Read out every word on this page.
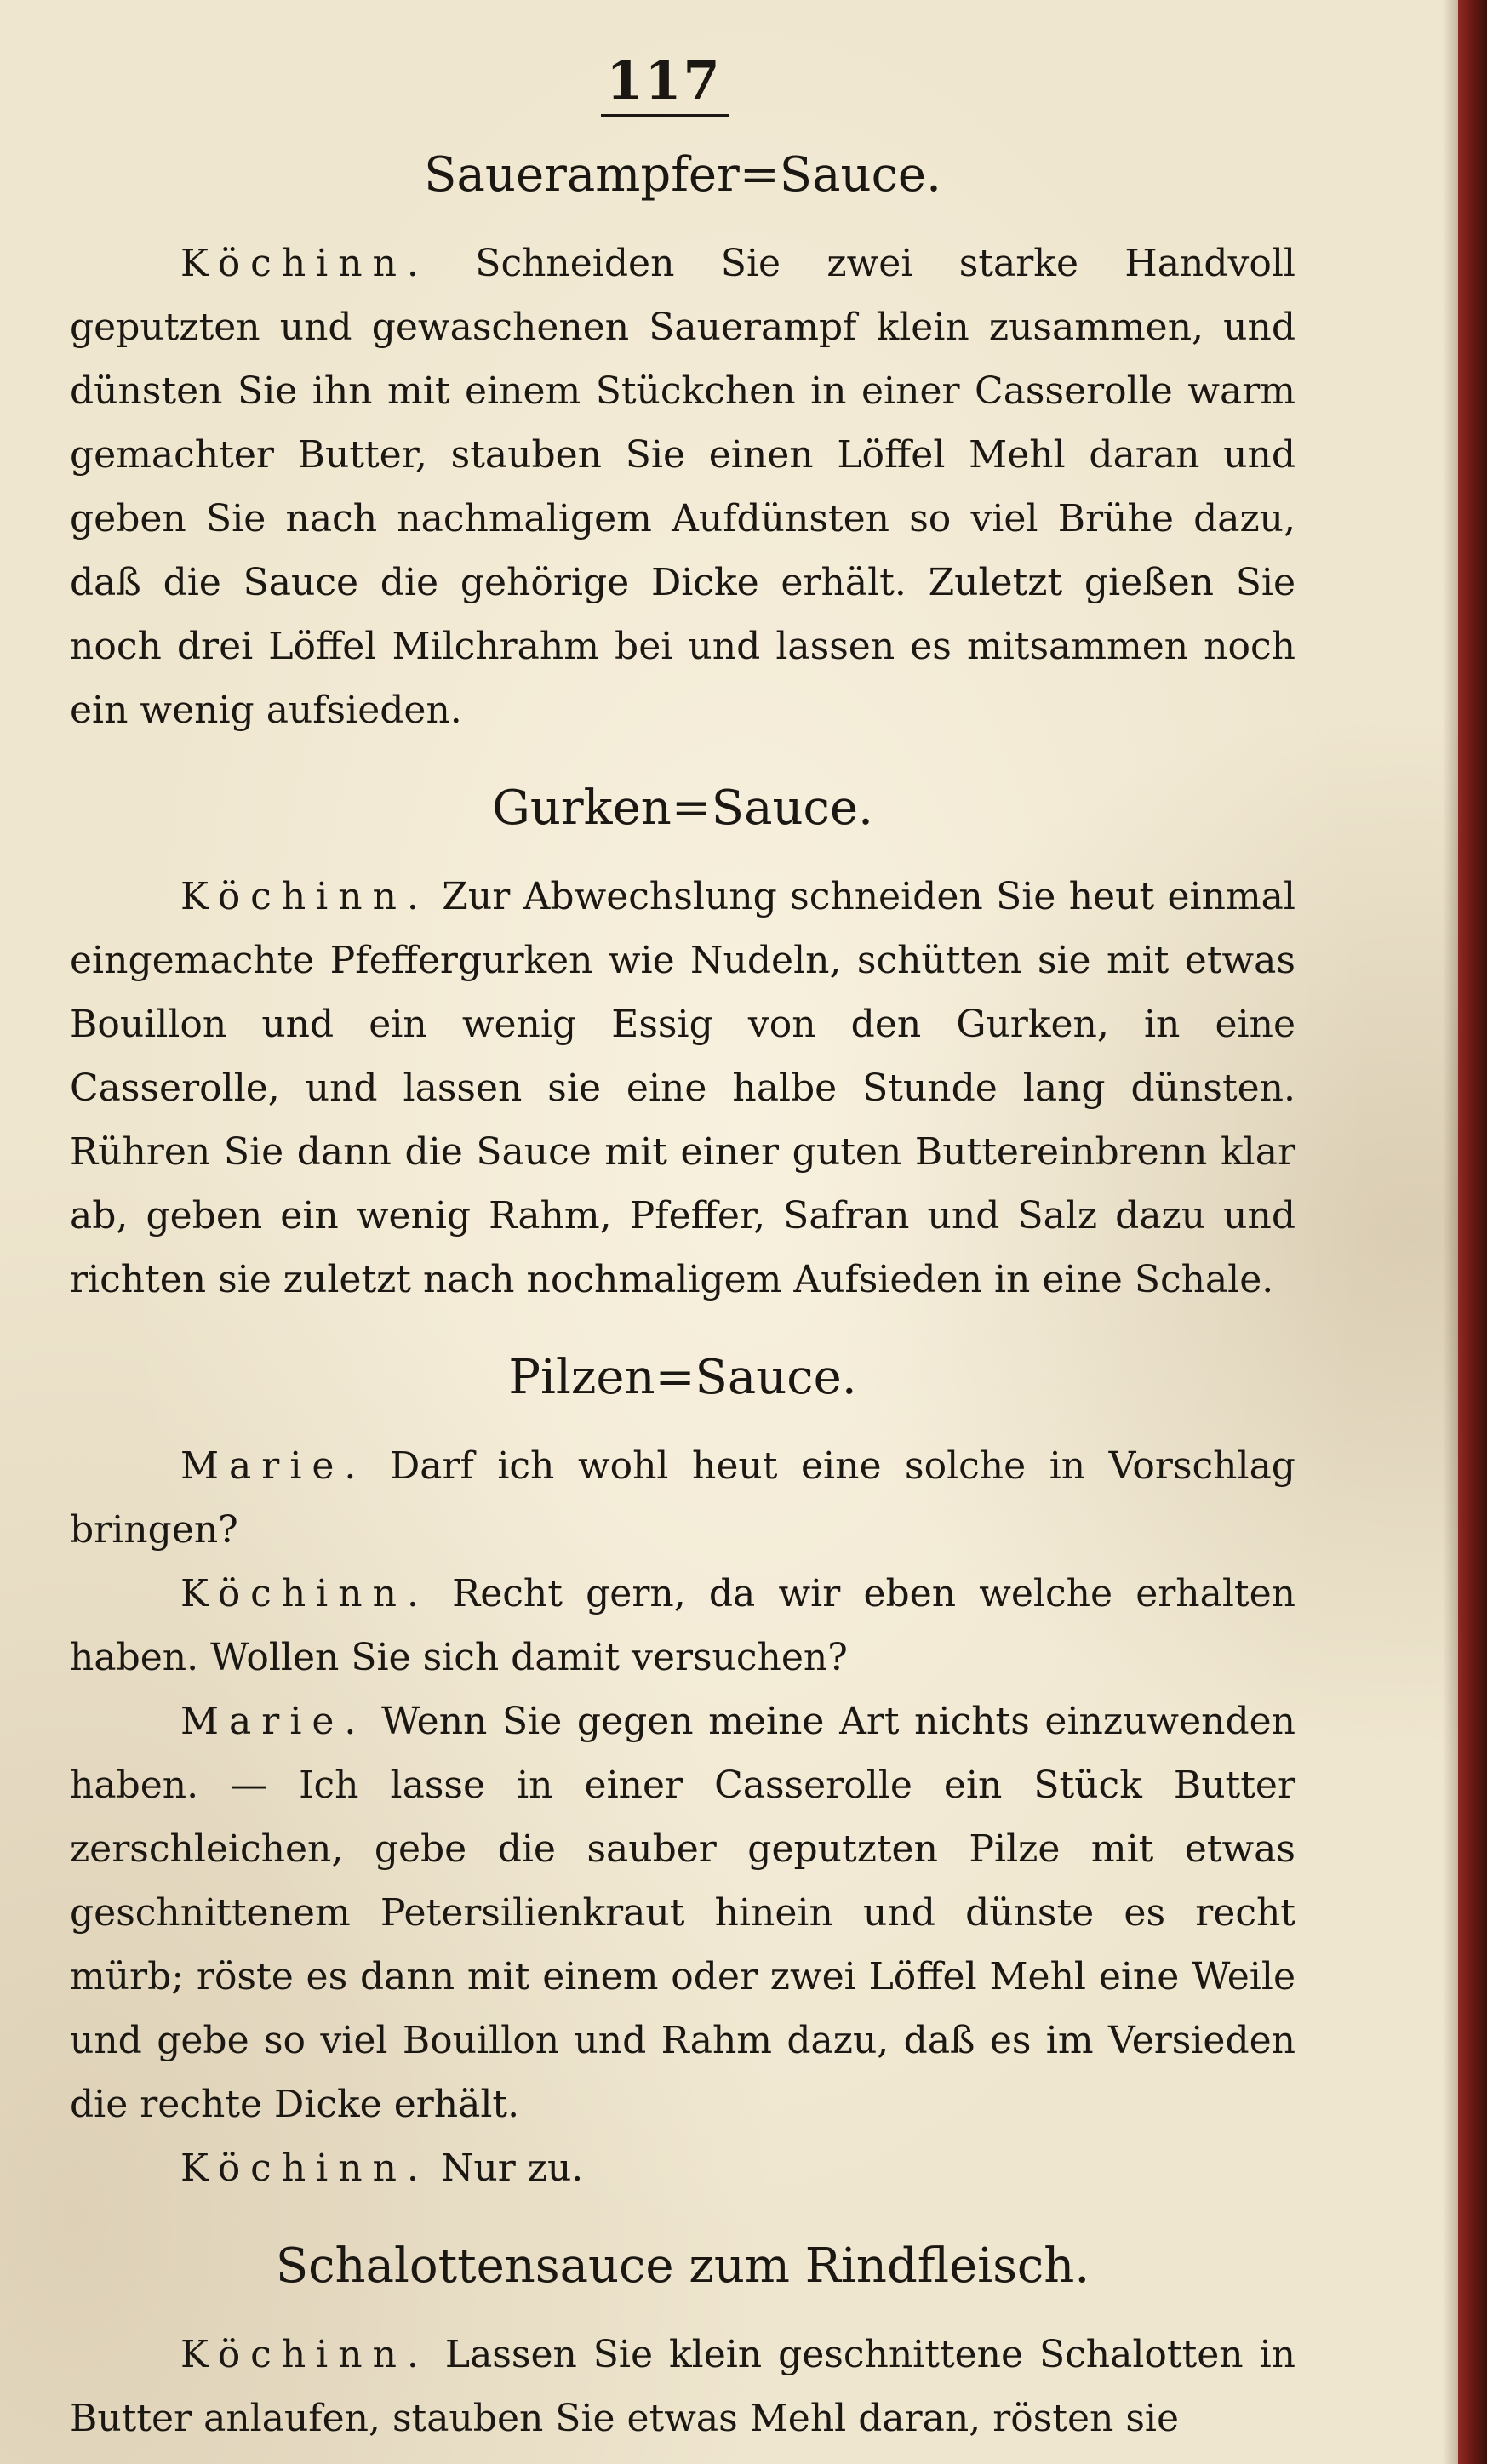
117
Sauerampfer=Sauce.

Köchinn. Schneiden Sie zwei starke Handvoll geputzten und gewaschenen Sauerampf klein zusammen, und dünsten Sie ihn mit einem Stückchen in einer Casserolle warm gemachter Butter, stauben Sie einen Löffel Mehl daran und geben Sie nach nachmaligem Aufdünsten so viel Brühe dazu, daß die Sauce die gehörige Dicke erhält. Zuletzt gießen Sie noch drei Löffel Milchrahm bei und lassen es mitsammen noch ein wenig aufsieden.

Gurken=Sauce.

Köchinn. Zur Abwechslung schneiden Sie heut einmal eingemachte Pfeffergurken wie Nudeln, schütten sie mit etwas Bouillon und ein wenig Essig von den Gurken, in eine Casserolle, und lassen sie eine halbe Stunde lang dünsten. Rühren Sie dann die Sauce mit einer guten Buttereinbrenn klar ab, geben ein wenig Rahm, Pfeffer, Safran und Salz dazu und richten sie zuletzt nach nochmaligem Aufsieden in eine Schale.

Pilzen=Sauce.

Marie. Darf ich wohl heut eine solche in Vorschlag bringen?

Köchinn. Recht gern, da wir eben welche erhalten haben. Wollen Sie sich damit versuchen?

Marie. Wenn Sie gegen meine Art nichts einzuwenden haben. — Ich lasse in einer Casserolle ein Stück Butter zerschleichen, gebe die sauber geputzten Pilze mit etwas geschnittenem Petersilienkraut hinein und dünste es recht mürb; röste es dann mit einem oder zwei Löffel Mehl eine Weile und gebe so viel Bouillon und Rahm dazu, daß es im Versieden die rechte Dicke erhält.

Köchinn. Nur zu.

Schalottensauce zum Rindfleisch.

Köchinn. Lassen Sie klein geschnittene Schalotten in Butter anlaufen, stauben Sie etwas Mehl daran, rösten sie
